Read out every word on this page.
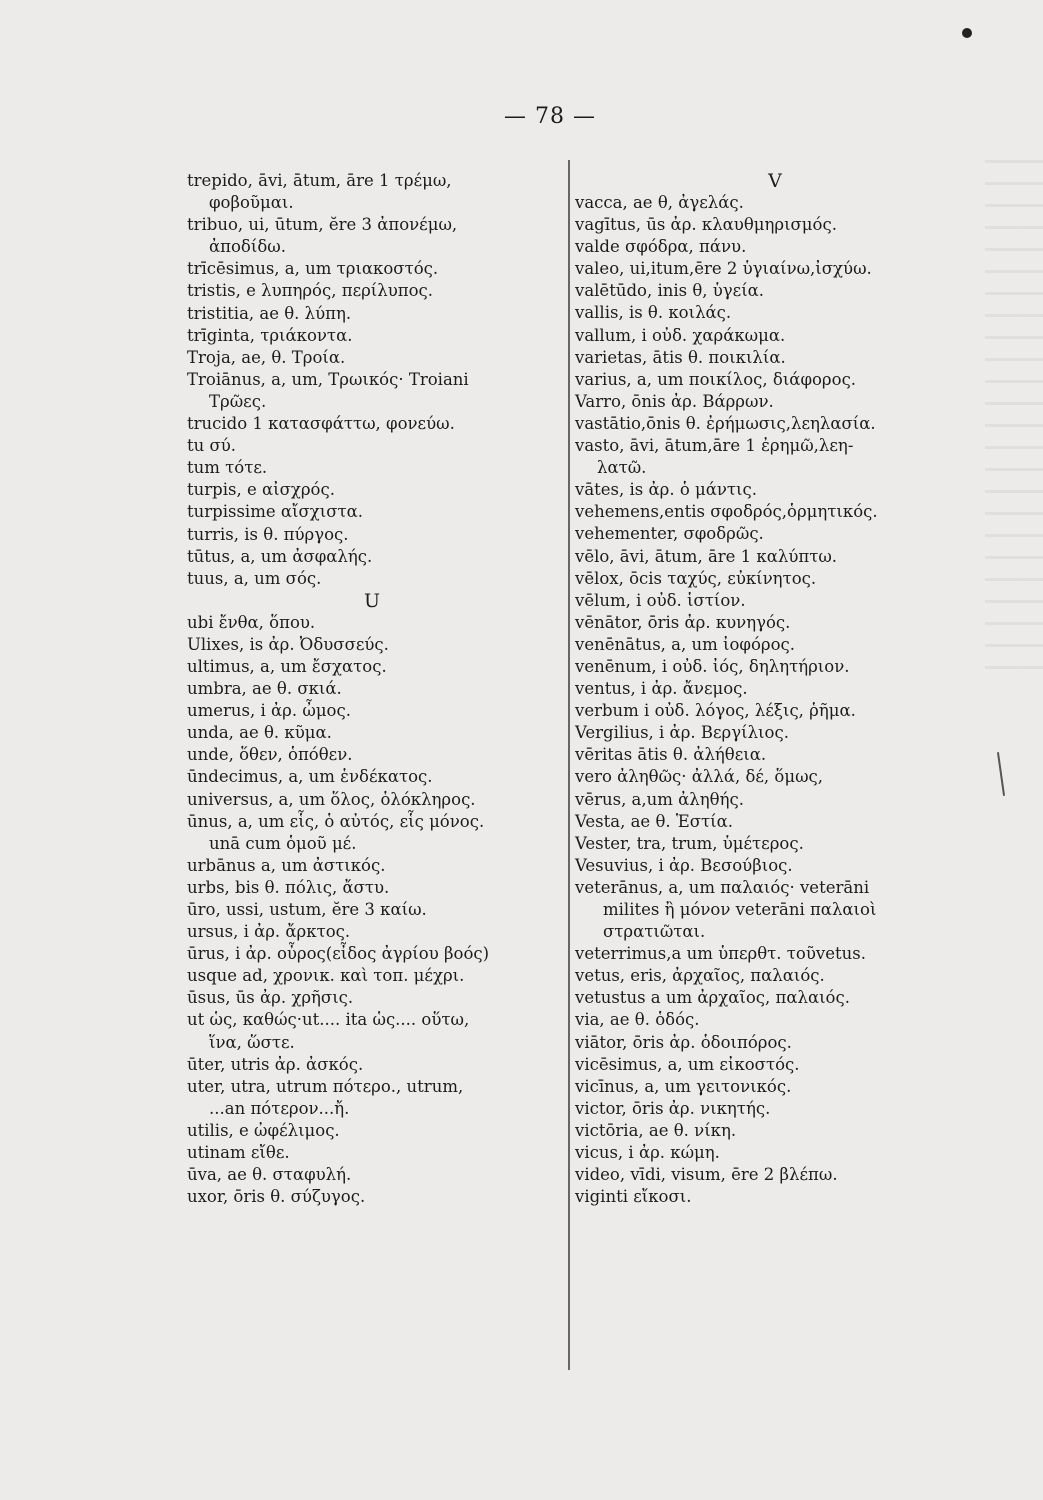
— 78 —
trepido, āvi, ātum, āre 1 τρέμω,
φοβοῦμαι.
tribuo, ui, ūtum, ĕre 3 ἀπονέμω,
ἀποδίδω.
trīcēsimus, a, um τριακοστός.
tristis, e λυπηρός, περίλυπος.
tristitia, ae θ. λύπη.
trīginta, τριάκοντα.
Troja, ae, θ. Τροία.
Troiānus, a, um, Τρωικός· Troiani
Τρῶες.
trucido 1 κατασφάττω, φονεύω.
tu σύ.
tum τότε.
turpis, e αἰσχρός.
turpissime αἴσχιστα.
turris, is θ. πύργος.
tūtus, a, um ἀσφαλής.
tuus, a, um σός.
U
ubi ἔνθα, ὅπου.
Ulixes, is ἀρ. Ὀδυσσεύς.
ultimus, a, um ἔσχατος.
umbra, ae θ. σκιά.
umerus, i ἀρ. ὦμος.
unda, ae θ. κῦμα.
unde, ὅθεν, ὁπόθεν.
ūndecimus, a, um ἑνδέκατος.
universus, a, um ὅλος, ὁλόκληρος.
ūnus, a, um εἷς, ὁ αὐτός, εἷς μόνος.
unā cum ὁμοῦ μέ.
urbānus a, um ἀστικός.
urbs, bis θ. πόλις, ἄστυ.
ūro, ussi, ustum, ĕre 3 καίω.
ursus, i ἀρ. ἄρκτος.
ūrus, i ἀρ. οὖρος(εἶδος ἀγρίου βοός)
usque ad, χρονικ. καὶ τοπ. μέχρι.
ūsus, ūs ἀρ. χρῆσις.
ut ὡς, καθώς·ut.... ita ὡς.... οὕτω,
ἵνα, ὥστε.
ūter, utris ἀρ. ἀσκός.
uter, utra, utrum πότερο., utrum,
...an πότερον...ἤ.
utilis, e ὠφέλιμος.
utinam εἴθε.
ūva, ae θ. σταφυλή.
uxor, ōris θ. σύζυγος.
V
vacca, ae θ, ἀγελάς.
vagītus, ūs ἀρ. κλαυθμηρισμός.
valde σφόδρα, πάνυ.
valeo, ui,itum,ēre 2 ὑγιαίνω,ἰσχύω.
valētūdo, inis θ, ὑγεία.
vallis, is θ. κοιλάς.
vallum, i οὐδ. χαράκωμα.
varietas, ātis θ. ποικιλία.
varius, a, um ποικίλος, διάφορος.
Varro, ōnis ἀρ. Βάρρων.
vastātio,ōnis θ. ἐρήμωσις,λεηλασία.
vasto, āvi, ātum,āre 1 ἐρημῶ,λεη-
λατῶ.
vātes, is ἀρ. ὁ μάντις.
vehemens,entis σφοδρός,ὁρμητικός.
vehementer, σφοδρῶς.
vēlo, āvi, ātum, āre 1 καλύπτω.
vēlox, ōcis ταχύς, εὐκίνητος.
vēlum, i οὐδ. ἱστίον.
vēnātor, ōris ἀρ. κυνηγός.
venēnātus, a, um ἰοφόρος.
venēnum, i οὐδ. ἰός, δηλητήριον.
ventus, i ἀρ. ἄνεμος.
verbum i οὐδ. λόγος, λέξις, ῥῆμα.
Vergilius, i ἀρ. Βεργίλιος.
vēritas ātis θ. ἀλήθεια.
vero ἀληθῶς· ἀλλά, δέ, ὅμως,
vērus, a,um ἀληθής.
Vesta, ae θ. Ἑστία.
Vester, tra, trum, ὑμέτερος.
Vesuvius, i ἀρ. Βεσούβιος.
veterānus, a, um παλαιός· veterāni
milites ἢ μόνον veterāni παλαιοὶ
στρατιῶται.
veterrimus,a um ὑπερθτ. τοῦvetus.
vetus, eris, ἀρχαῖος, παλαιός.
vetustus a um ἀρχαῖος, παλαιός.
via, ae θ. ὁδός.
viātor, ōris ἀρ. ὁδοιπόρος.
vicēsimus, a, um εἰκοστός.
vicīnus, a, um γειτονικός.
victor, ōris ἀρ. νικητής.
victōria, ae θ. νίκη.
vicus, i ἀρ. κώμη.
video, vīdi, visum, ēre 2 βλέπω.
viginti εἴκοσι.
